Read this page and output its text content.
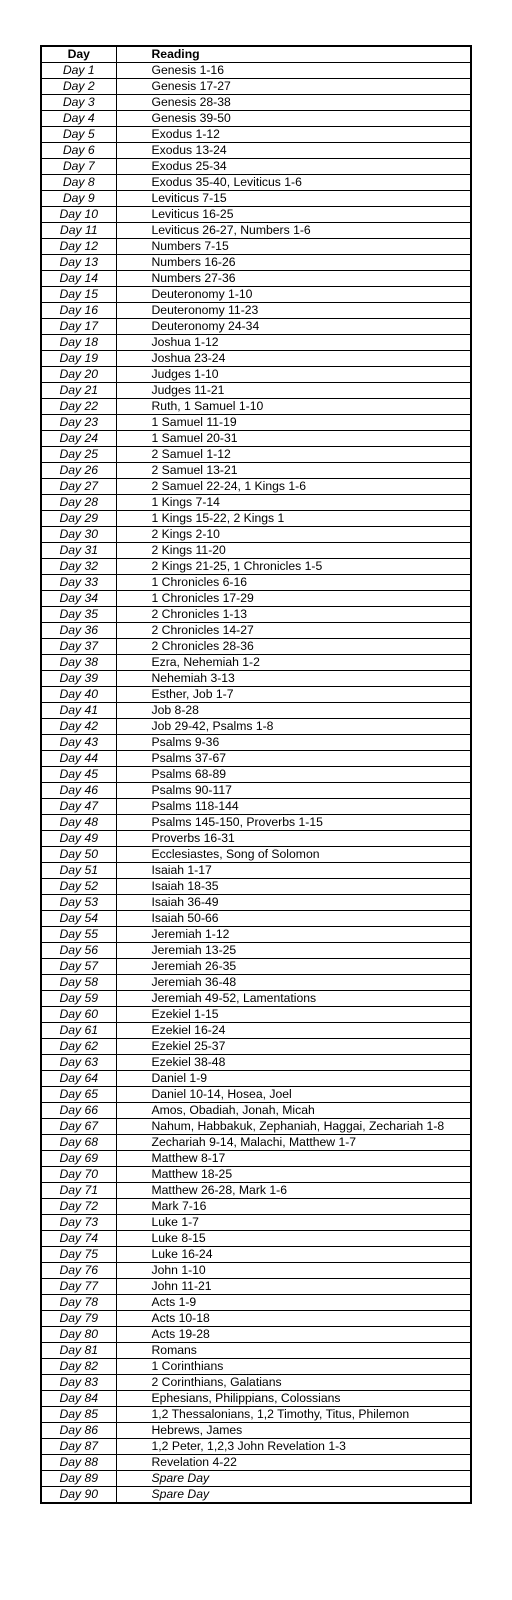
Day	Reading
Day 1	Genesis 1-16
Day 2	Genesis 17-27
Day 3	Genesis 28-38
Day 4	Genesis 39-50
Day 5	Exodus 1-12
Day 6	Exodus 13-24
Day 7	Exodus 25-34
Day 8	Exodus 35-40, Leviticus 1-6
Day 9	Leviticus 7-15
Day 10	Leviticus 16-25
Day 11	Leviticus 26-27, Numbers 1-6
Day 12	Numbers 7-15
Day 13	Numbers 16-26
Day 14	Numbers 27-36
Day 15	Deuteronomy 1-10
Day 16	Deuteronomy 11-23
Day 17	Deuteronomy 24-34
Day 18	Joshua 1-12
Day 19	Joshua 23-24
Day 20	Judges 1-10
Day 21	Judges 11-21
Day 22	Ruth, 1 Samuel 1-10
Day 23	1 Samuel 11-19
Day 24	1 Samuel 20-31
Day 25	2 Samuel 1-12
Day 26	2 Samuel 13-21
Day 27	2 Samuel 22-24, 1 Kings 1-6
Day 28	1 Kings 7-14
Day 29	1 Kings 15-22, 2 Kings 1
Day 30	2 Kings 2-10
Day 31	2 Kings 11-20
Day 32	2 Kings 21-25, 1 Chronicles 1-5
Day 33	1 Chronicles 6-16
Day 34	1 Chronicles 17-29
Day 35	2 Chronicles 1-13
Day 36	2 Chronicles 14-27
Day 37	2 Chronicles 28-36
Day 38	Ezra, Nehemiah 1-2
Day 39	Nehemiah 3-13
Day 40	Esther, Job 1-7
Day 41	Job 8-28
Day 42	Job 29-42, Psalms 1-8
Day 43	Psalms 9-36
Day 44	Psalms 37-67
Day 45	Psalms 68-89
Day 46	Psalms 90-117
Day 47	Psalms 118-144
Day 48	Psalms 145-150, Proverbs 1-15
Day 49	Proverbs 16-31
Day 50	Ecclesiastes, Song of Solomon
Day 51	Isaiah 1-17
Day 52	Isaiah 18-35
Day 53	Isaiah 36-49
Day 54	Isaiah 50-66
Day 55	Jeremiah 1-12
Day 56	Jeremiah 13-25
Day 57	Jeremiah 26-35
Day 58	Jeremiah 36-48
Day 59	Jeremiah 49-52, Lamentations
Day 60	Ezekiel 1-15
Day 61	Ezekiel 16-24
Day 62	Ezekiel 25-37
Day 63	Ezekiel 38-48
Day 64	Daniel 1-9
Day 65	Daniel 10-14, Hosea, Joel
Day 66	Amos, Obadiah, Jonah, Micah
Day 67	Nahum, Habbakuk, Zephaniah, Haggai, Zechariah 1-8
Day 68	Zechariah 9-14, Malachi, Matthew 1-7
Day 69	Matthew 8-17
Day 70	Matthew 18-25
Day 71	Matthew 26-28, Mark 1-6
Day 72	Mark 7-16
Day 73	Luke 1-7
Day 74	Luke 8-15
Day 75	Luke 16-24
Day 76	John 1-10
Day 77	John 11-21
Day 78	Acts 1-9
Day 79	Acts 10-18
Day 80	Acts 19-28
Day 81	Romans
Day 82	1 Corinthians
Day 83	2 Corinthians, Galatians
Day 84	Ephesians, Philippians, Colossians
Day 85	1,2 Thessalonians, 1,2 Timothy, Titus, Philemon
Day 86	Hebrews, James
Day 87	1,2 Peter, 1,2,3 John Revelation 1-3
Day 88	Revelation 4-22
Day 89	Spare Day
Day 90	Spare Day
